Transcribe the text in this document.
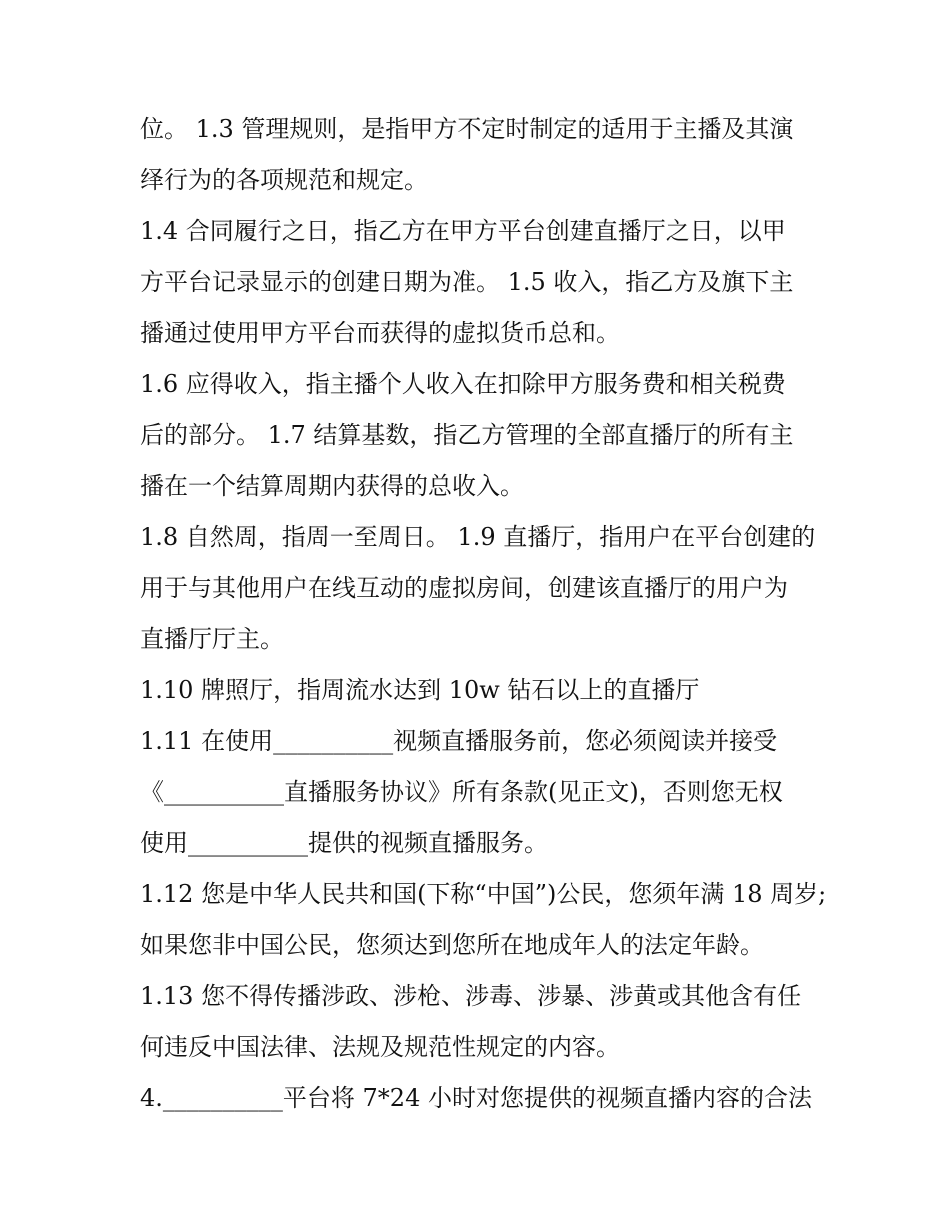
位。 1.3 管理规则，是指甲方不定时制定的适用于主播及其演
绎行为的各项规范和规定。
1.4 合同履行之日，指乙方在甲方平台创建直播厅之日，以甲
方平台记录显示的创建日期为准。 1.5 收入，指乙方及旗下主
播通过使用甲方平台而获得的虚拟货币总和。
1.6 应得收入，指主播个人收入在扣除甲方服务费和相关税费
后的部分。 1.7 结算基数，指乙方管理的全部直播厅的所有主
播在一个结算周期内获得的总收入。
1.8 自然周，指周一至周日。 1.9 直播厅，指用户在平台创建的
用于与其他用户在线互动的虚拟房间，创建该直播厅的用户为
直播厅厅主。
1.10 牌照厅，指周流水达到 10w 钻石以上的直播厅
1.11 在使用__________视频直播服务前，您必须阅读并接受
《__________直播服务协议》所有条款(见正文)，否则您无权
使用__________提供的视频直播服务。
1.12 您是中华人民共和国(下称“中国”)公民，您须年满 18 周岁;
如果您非中国公民，您须达到您所在地成年人的法定年龄。
1.13 您不得传播涉政、涉枪、涉毒、涉暴、涉黄或其他含有任
何违反中国法律、法规及规范性规定的内容。
4.__________平台将 7*24 小时对您提供的视频直播内容的合法
